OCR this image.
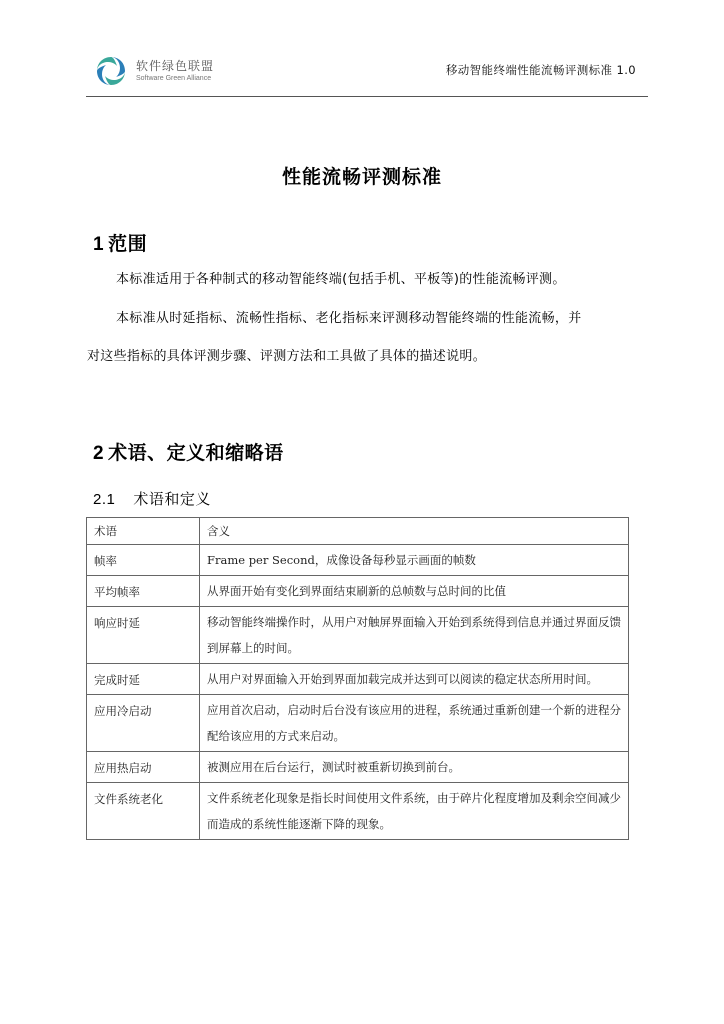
软件绿色联盟
Software Green Alliance
移动智能终端性能流畅评测标准 1.0
性能流畅评测标准
1 范围
本标准适用于各种制式的移动智能终端(包括手机、平板等)的性能流畅评测。
本标准从时延指标、流畅性指标、老化指标来评测移动智能终端的性能流畅，并
对这些指标的具体评测步骤、评测方法和工具做了具体的描述说明。
2 术语、定义和缩略语
2.1 术语和定义
术语	含义
帧率	Frame per Second，成像设备每秒显示画面的帧数
平均帧率	从界面开始有变化到界面结束刷新的总帧数与总时间的比值
响应时延	移动智能终端操作时，从用户对触屏界面输入开始到系统得到信息并通过界面反馈到屏幕上的时间。
完成时延	从用户对界面输入开始到界面加载完成并达到可以阅读的稳定状态所用时间。
应用冷启动	应用首次启动，启动时后台没有该应用的进程，系统通过重新创建一个新的进程分配给该应用的方式来启动。
应用热启动	被测应用在后台运行，测试时被重新切换到前台。
文件系统老化	文件系统老化现象是指长时间使用文件系统，由于碎片化程度增加及剩余空间减少而造成的系统性能逐渐下降的现象。
